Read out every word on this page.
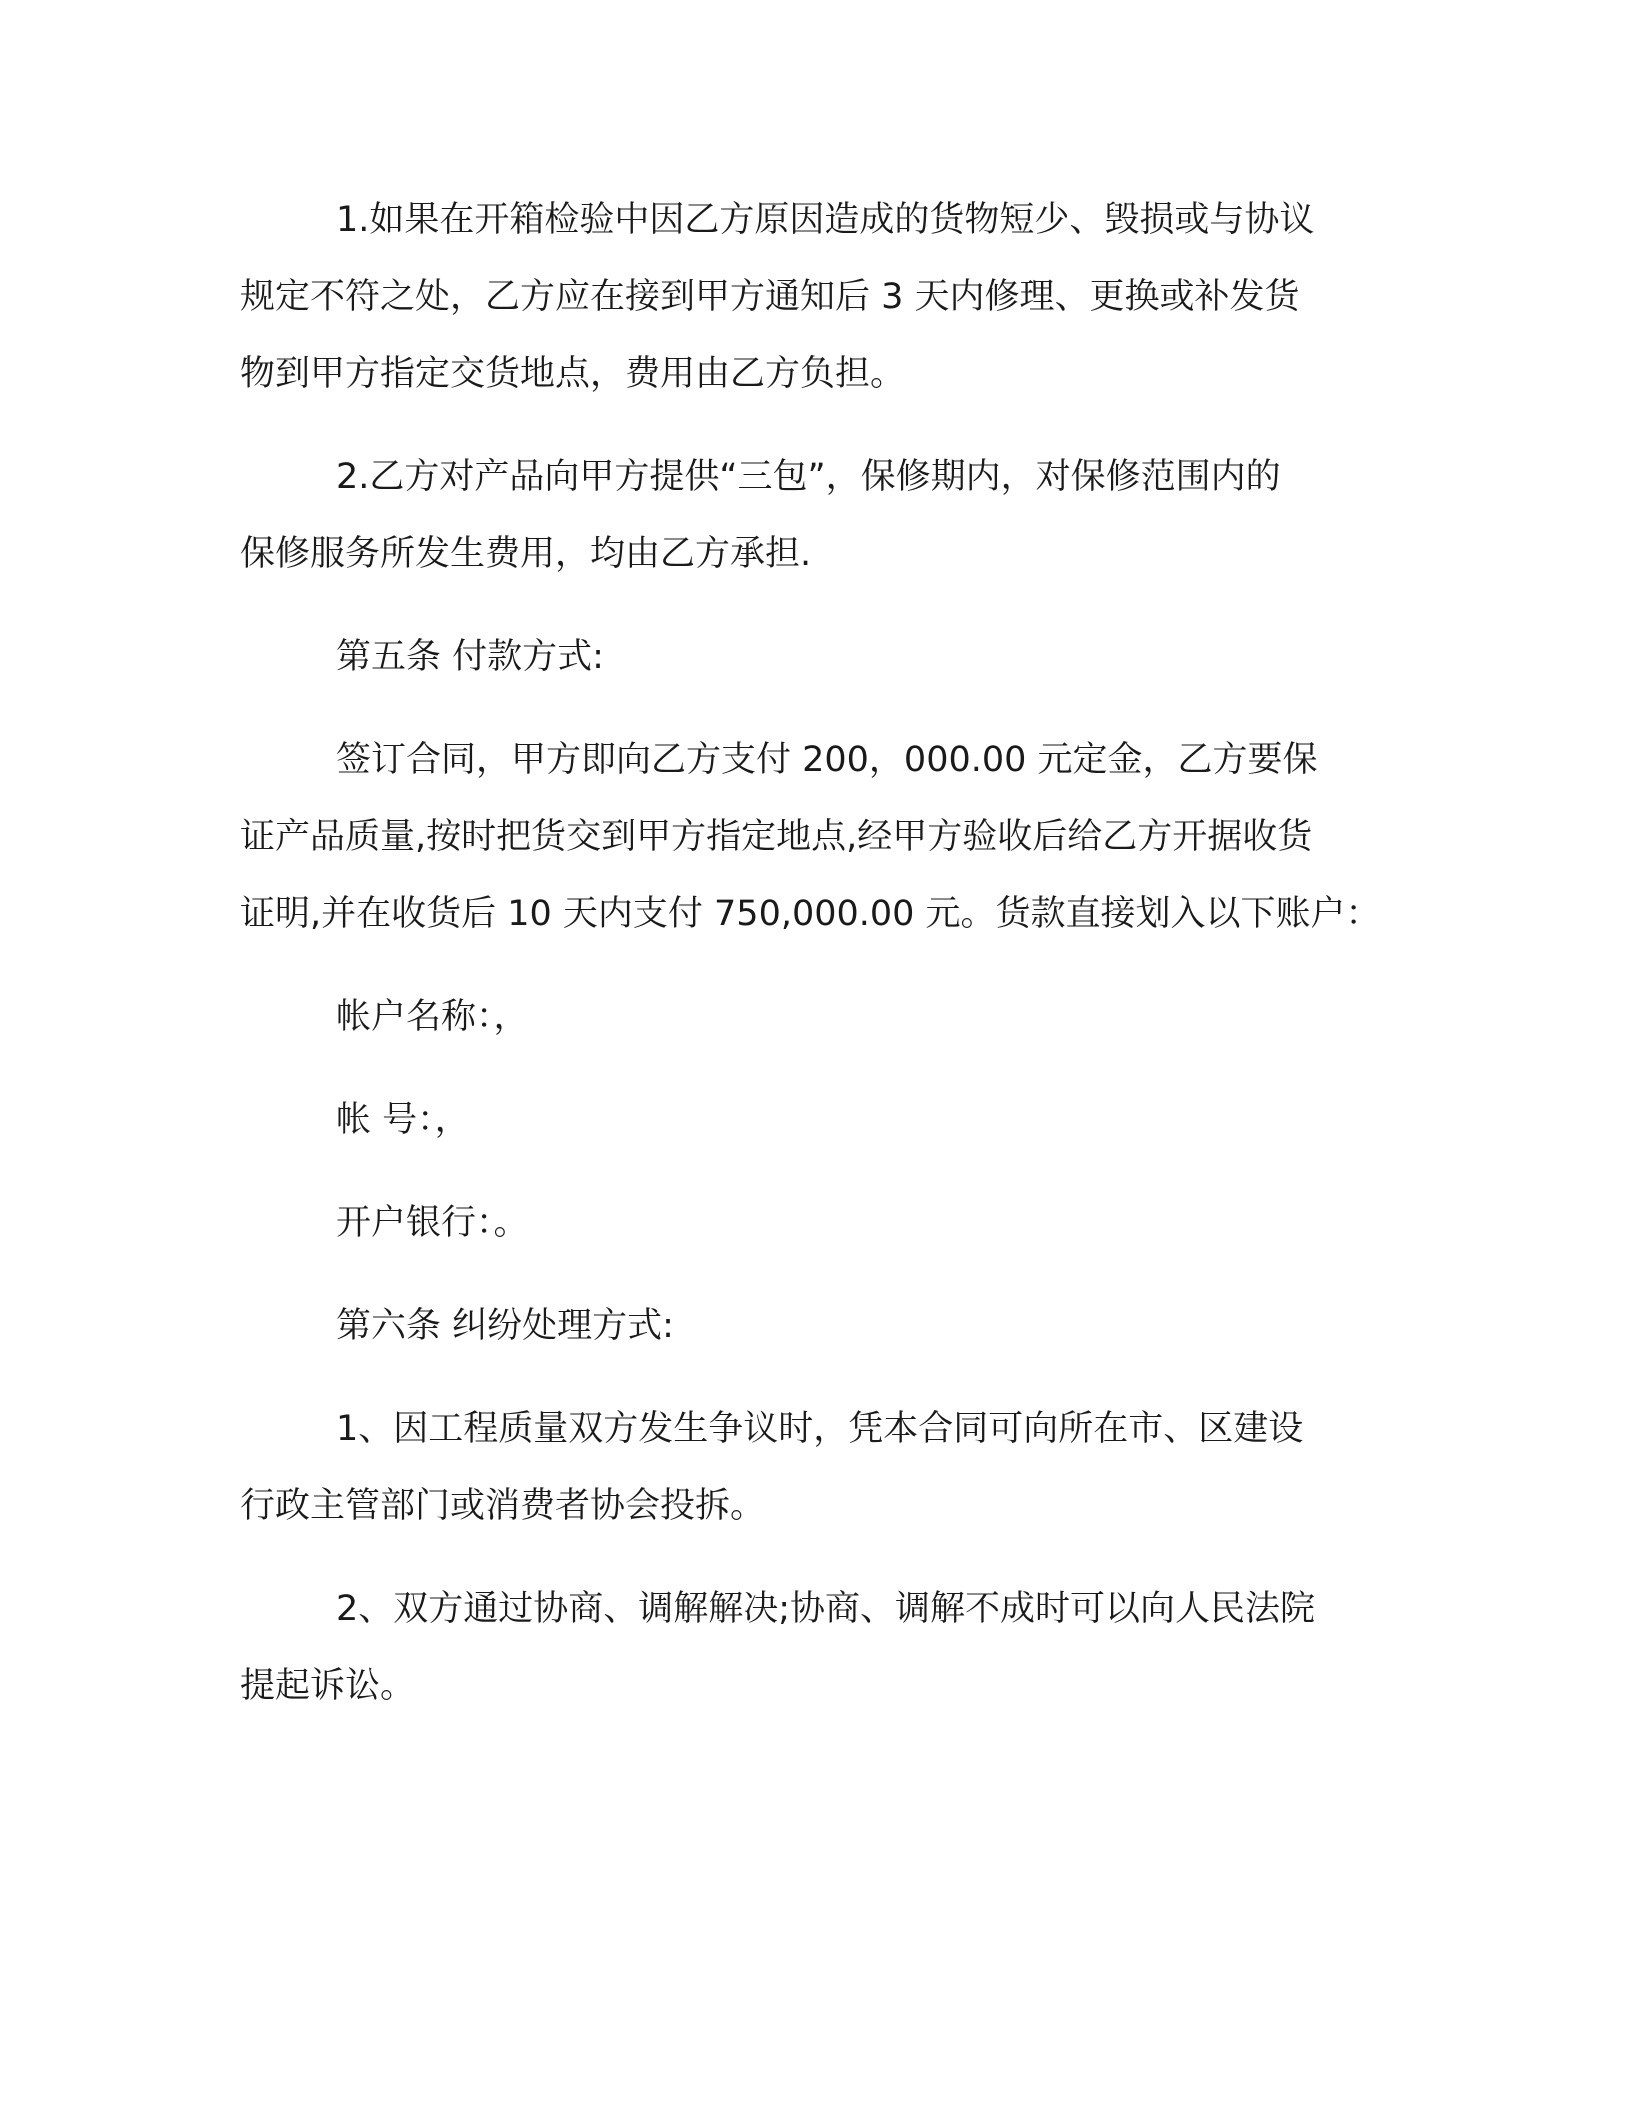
1.如果在开箱检验中因乙方原因造成的货物短少、毁损或与协议
规定不符之处，乙方应在接到甲方通知后 3 天内修理、更换或补发货
物到甲方指定交货地点，费用由乙方负担。

2.乙方对产品向甲方提供“三包”，保修期内，对保修范围内的
保修服务所发生费用，均由乙方承担.

第五条 付款方式:

签订合同，甲方即向乙方支付 200，000.00 元定金，乙方要保
证产品质量,按时把货交到甲方指定地点,经甲方验收后给乙方开据收货
证明,并在收货后 10 天内支付 750,000.00 元。货款直接划入以下账户：

帐户名称：，

帐 号：，

开户银行：。

第六条 纠纷处理方式:

1、因工程质量双方发生争议时，凭本合同可向所在市、区建设
行政主管部门或消费者协会投拆。

2、双方通过协商、调解解决;协商、调解不成时可以向人民法院
提起诉讼。
